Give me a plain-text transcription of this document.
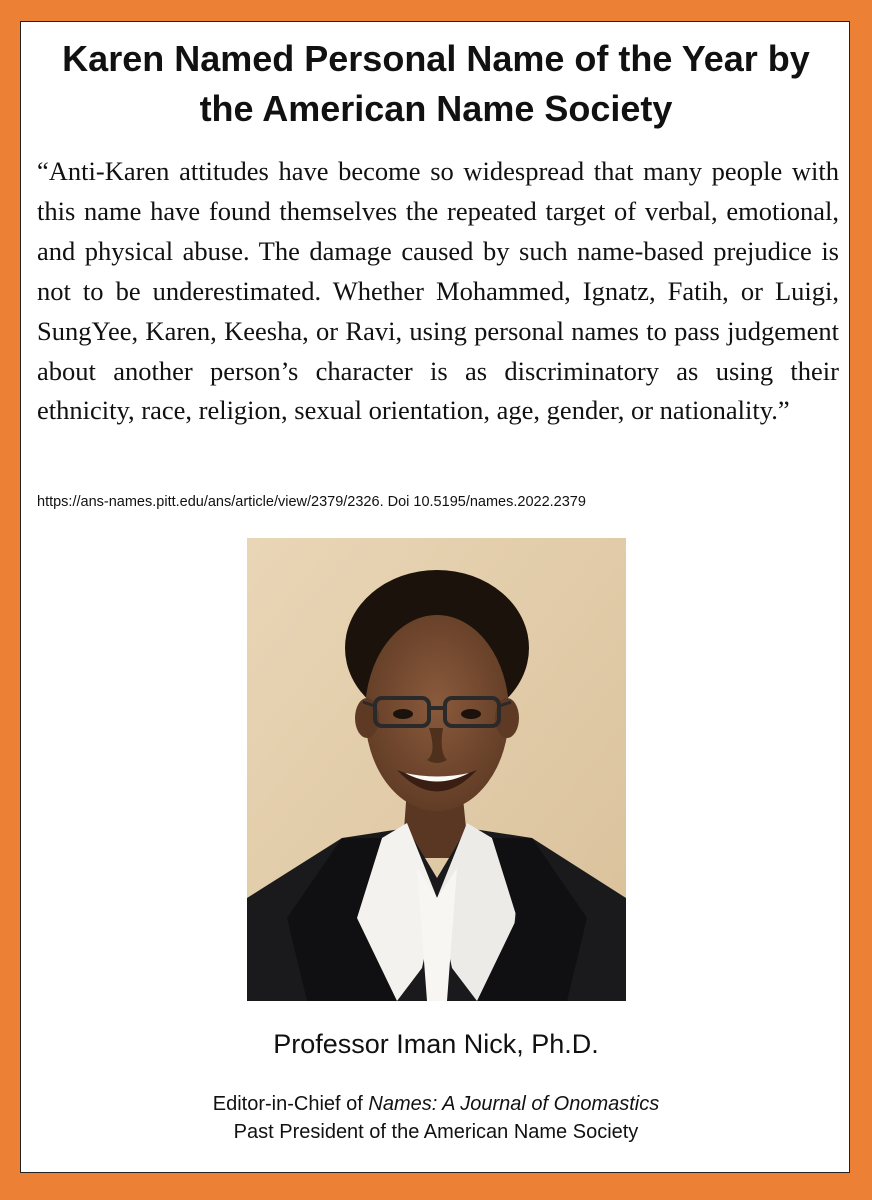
Karen Named Personal Name of the Year by
the American Name Society

“Anti-Karen attitudes have become so widespread that many people with this name have found themselves the repeated target of verbal, emotional, and physical abuse. The damage caused by such name-based prejudice is not to be underestimated. Whether Mohammed, Ignatz, Fatih, or Luigi, SungYee, Karen, Keesha, or Ravi, using personal names to pass judgement about another person’s character is as discriminatory as using their ethnicity, race, religion, sexual orientation, age, gender, or nationality.”

https://ans-names.pitt.edu/ans/article/view/2379/2326. Doi 10.5195/names.2022.2379

Professor Iman Nick, Ph.D.

Editor-in-Chief of Names: A Journal of Onomastics

Past President of the American Name Society
